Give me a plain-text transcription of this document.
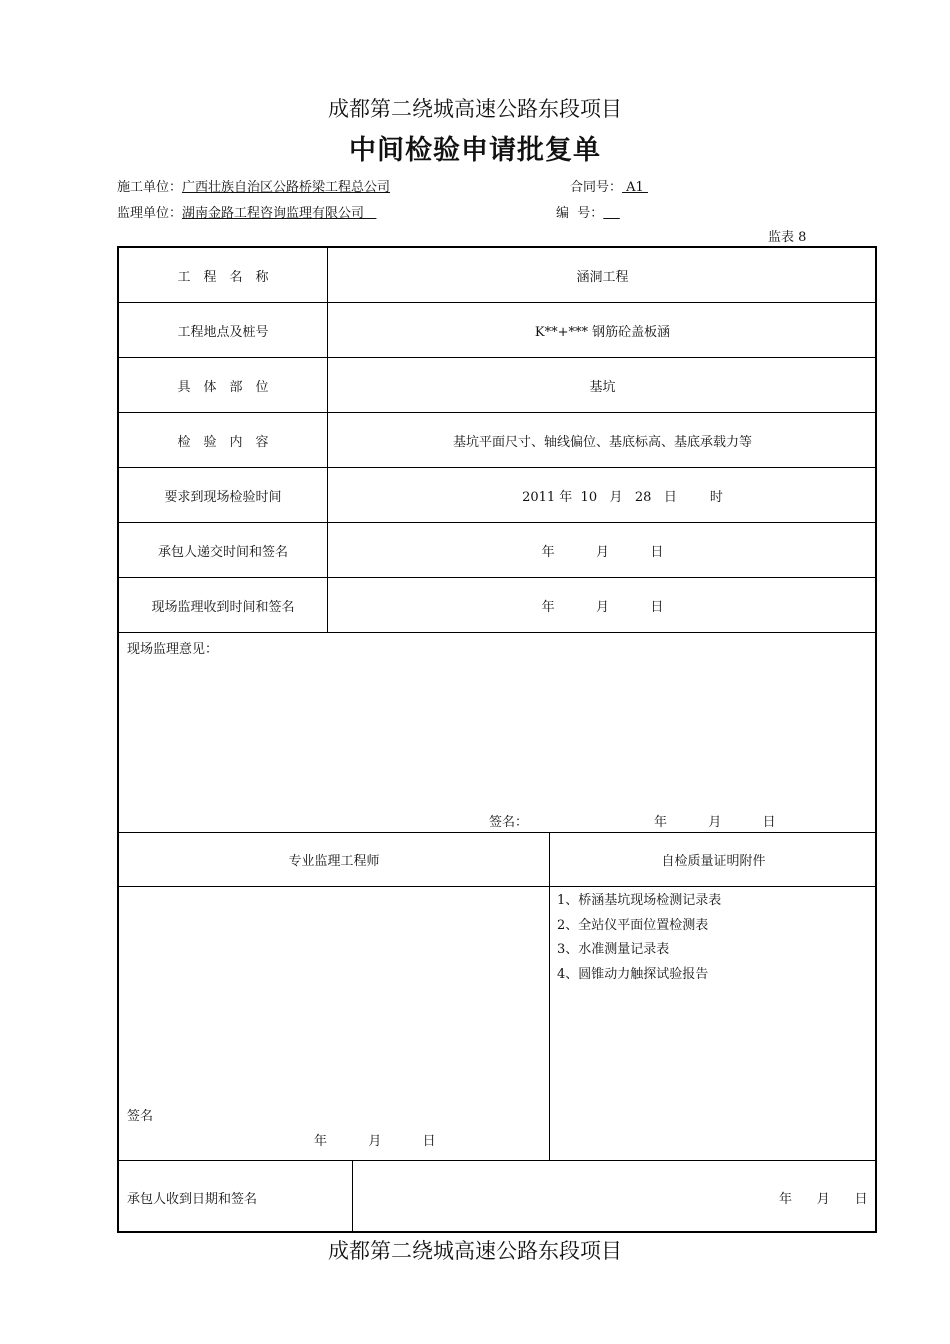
成都第二绕城高速公路东段项目
中间检验申请批复单
施工单位：广西壮族自治区公路桥梁工程总公司	合同号： A1
监理单位：湖南金路工程咨询监理有限公司	编  号：
监表 8
工　程　名　称	涵洞工程
工程地点及桩号	K**+*** 钢筋砼盖板涵
具　体　部　位	基坑
检　验　内　容	基坑平面尺寸、轴线偏位、基底标高、基底承载力等
要求到现场检验时间	2011 年  10   月   28   日        时
承包人递交时间和签名	年          月          日
现场监理收到时间和签名	年          月          日
现场监理意见：
签名：	年          月          日
专业监理工程师	自检质量证明附件
签名
年          月          日
1、桥涵基坑现场检测记录表
2、全站仪平面位置检测表
3、水准测量记录表
4、圆锥动力触探试验报告
承包人收到日期和签名	年      月      日
成都第二绕城高速公路东段项目
